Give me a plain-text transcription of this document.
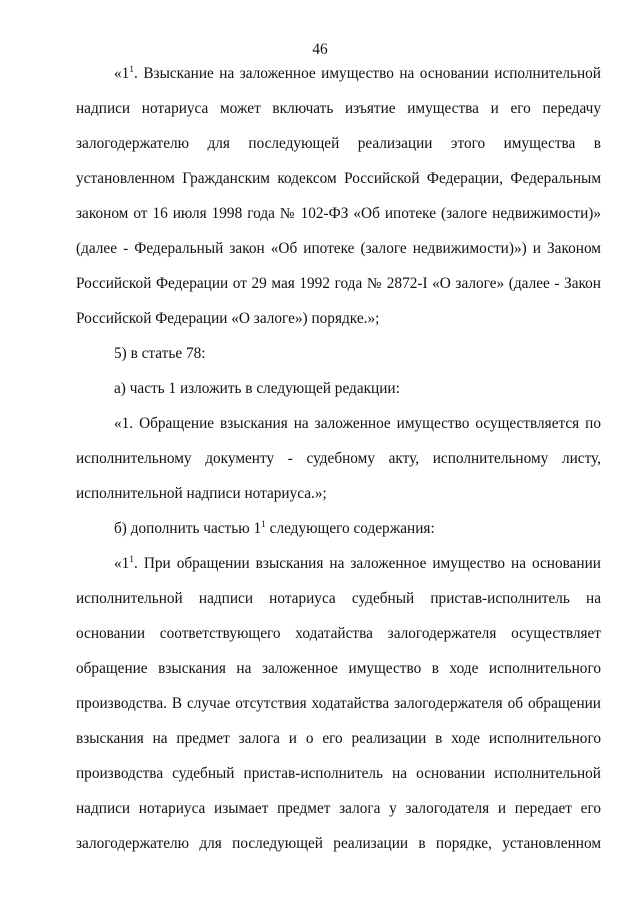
46
«$1^1$. Взыскание на заложенное имущество на основании исполнительной
надписи нотариуса может включать изъятие имущества и его передачу
залогодержателю для последующей реализации этого имущества в
установленном Гражданским кодексом Российской Федерации, Федеральным
законом от 16 июля 1998 года № 102-ФЗ «Об ипотеке (залоге недвижимости)»
(далее - Федеральный закон «Об ипотеке (залоге недвижимости)») и Законом
Российской Федерации от 29 мая 1992 года № 2872-I «О залоге» (далее - Закон
Российской Федерации «О залоге») порядке.»;
5) в статье 78:
а) часть 1 изложить в следующей редакции:
«1. Обращение взыскания на заложенное имущество осуществляется по
исполнительному документу - судебному акту, исполнительному листу,
исполнительной надписи нотариуса.»;
б) дополнить частью $1^1$ следующего содержания:
«$1^1$. При обращении взыскания на заложенное имущество на основании
исполнительной надписи нотариуса судебный пристав-исполнитель на
основании соответствующего ходатайства залогодержателя осуществляет
обращение взыскания на заложенное имущество в ходе исполнительного
производства. В случае отсутствия ходатайства залогодержателя об обращении
взыскания на предмет залога и о его реализации в ходе исполнительного
производства судебный пристав-исполнитель на основании исполнительной
надписи нотариуса изымает предмет залога у залогодателя и передает его
залогодержателю для последующей реализации в порядке, установленном
